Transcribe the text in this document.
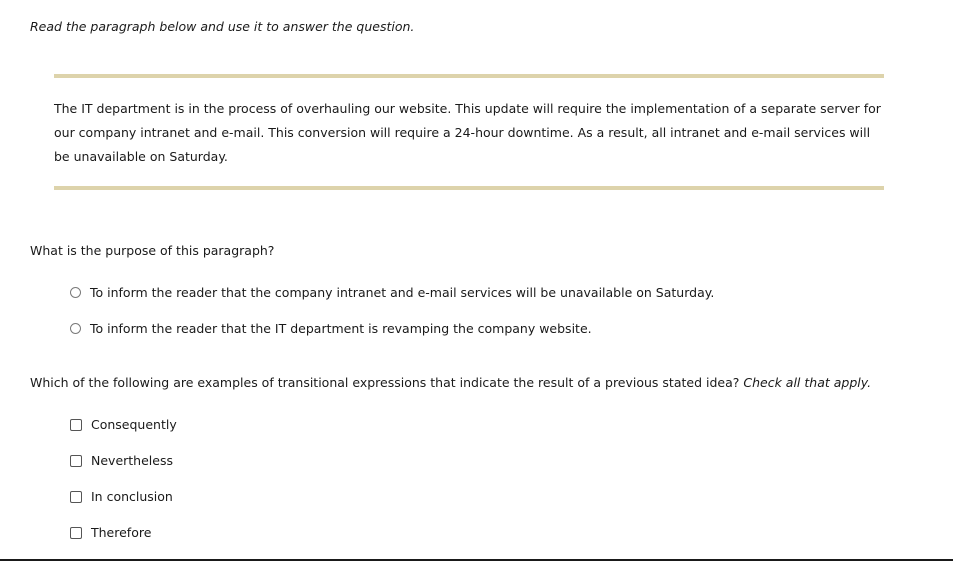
Read the paragraph below and use it to answer the question.

The IT department is in the process of overhauling our website. This update will require the implementation of a separate server for our company intranet and e-mail. This conversion will require a 24-hour downtime. As a result, all intranet and e-mail services will be unavailable on Saturday.

What is the purpose of this paragraph?

To inform the reader that the company intranet and e-mail services will be unavailable on Saturday.
To inform the reader that the IT department is revamping the company website.

Which of the following are examples of transitional expressions that indicate the result of a previous stated idea? Check all that apply.

Consequently
Nevertheless
In conclusion
Therefore
